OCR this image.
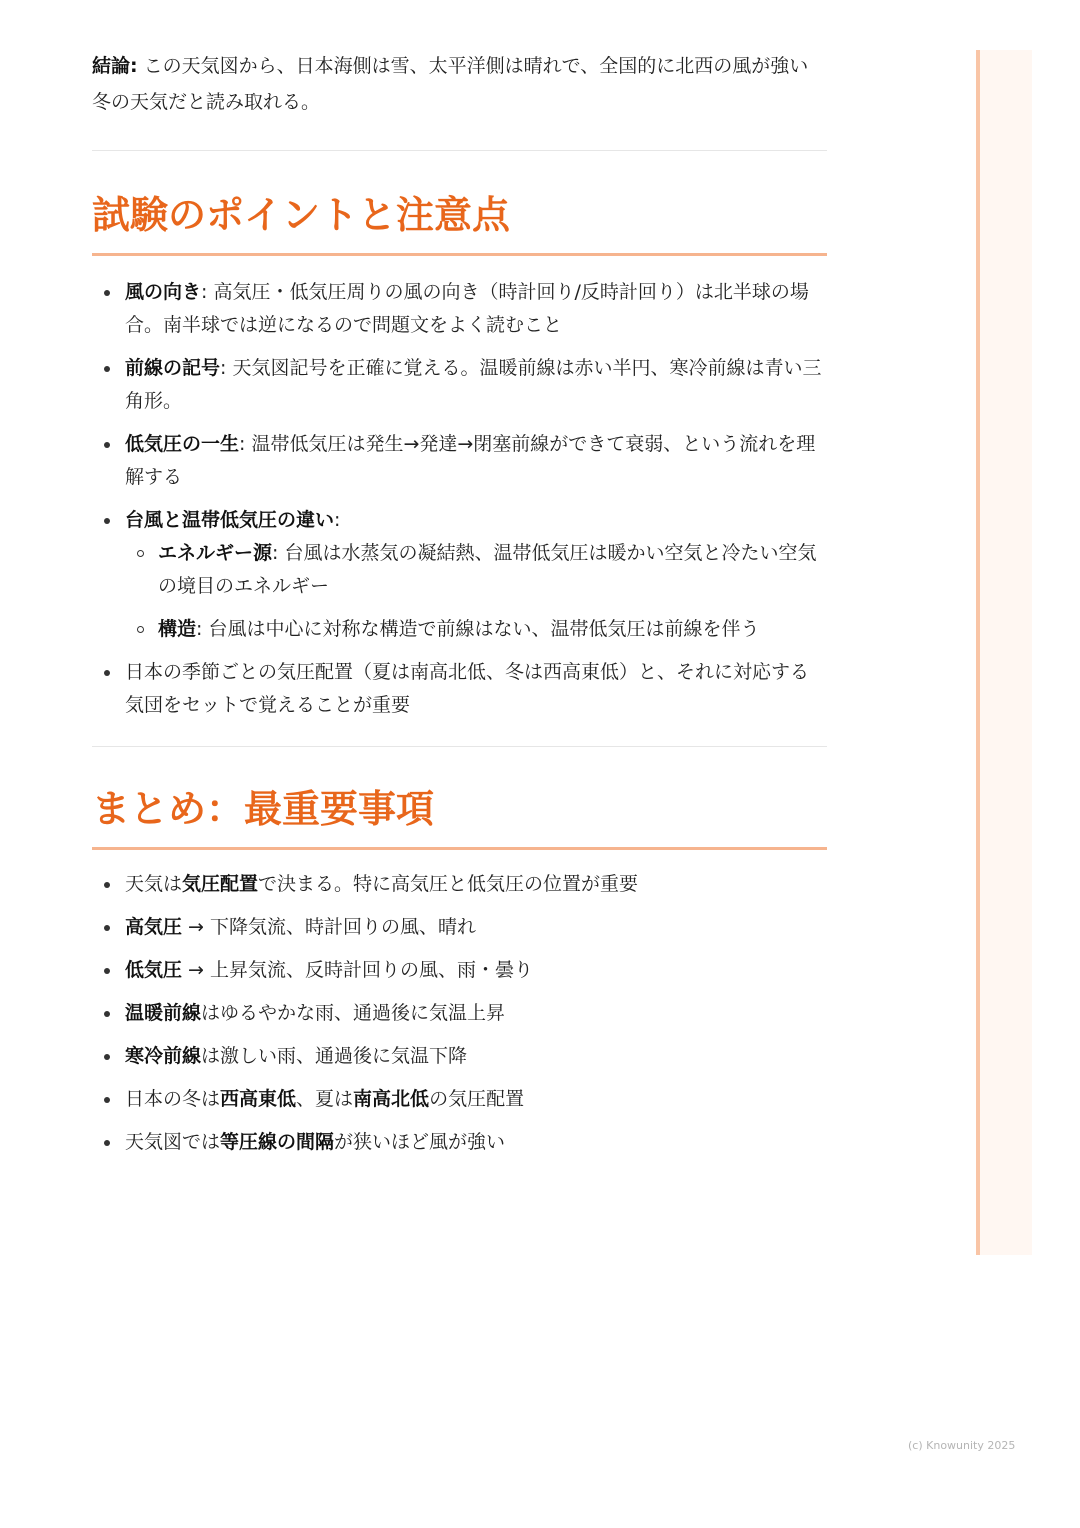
結論: この天気図から、日本海側は雪、太平洋側は晴れで、全国的に北西の風が強い冬の天気だと読み取れる。

試験のポイントと注意点
風の向き: 高気圧・低気圧周りの風の向き（時計回り/反時計回り）は北半球の場合。南半球では逆になるので問題文をよく読むこと
前線の記号: 天気図記号を正確に覚える。温暖前線は赤い半円、寒冷前線は青い三角形。
低気圧の一生: 温帯低気圧は発生→発達→閉塞前線ができて衰弱、という流れを理解する
台風と温帯低気圧の違い:
エネルギー源: 台風は水蒸気の凝結熱、温帯低気圧は暖かい空気と冷たい空気の境目のエネルギー
構造: 台風は中心に対称な構造で前線はない、温帯低気圧は前線を伴う
日本の季節ごとの気圧配置（夏は南高北低、冬は西高東低）と、それに対応する気団をセットで覚えることが重要
まとめ：最重要事項
天気は気圧配置で決まる。特に高気圧と低気圧の位置が重要
高気圧 → 下降気流、時計回りの風、晴れ
低気圧 → 上昇気流、反時計回りの風、雨・曇り
温暖前線はゆるやかな雨、通過後に気温上昇
寒冷前線は激しい雨、通過後に気温下降
日本の冬は西高東低、夏は南高北低の気圧配置
天気図では等圧線の間隔が狭いほど風が強い
(c) Knowunity 2025
